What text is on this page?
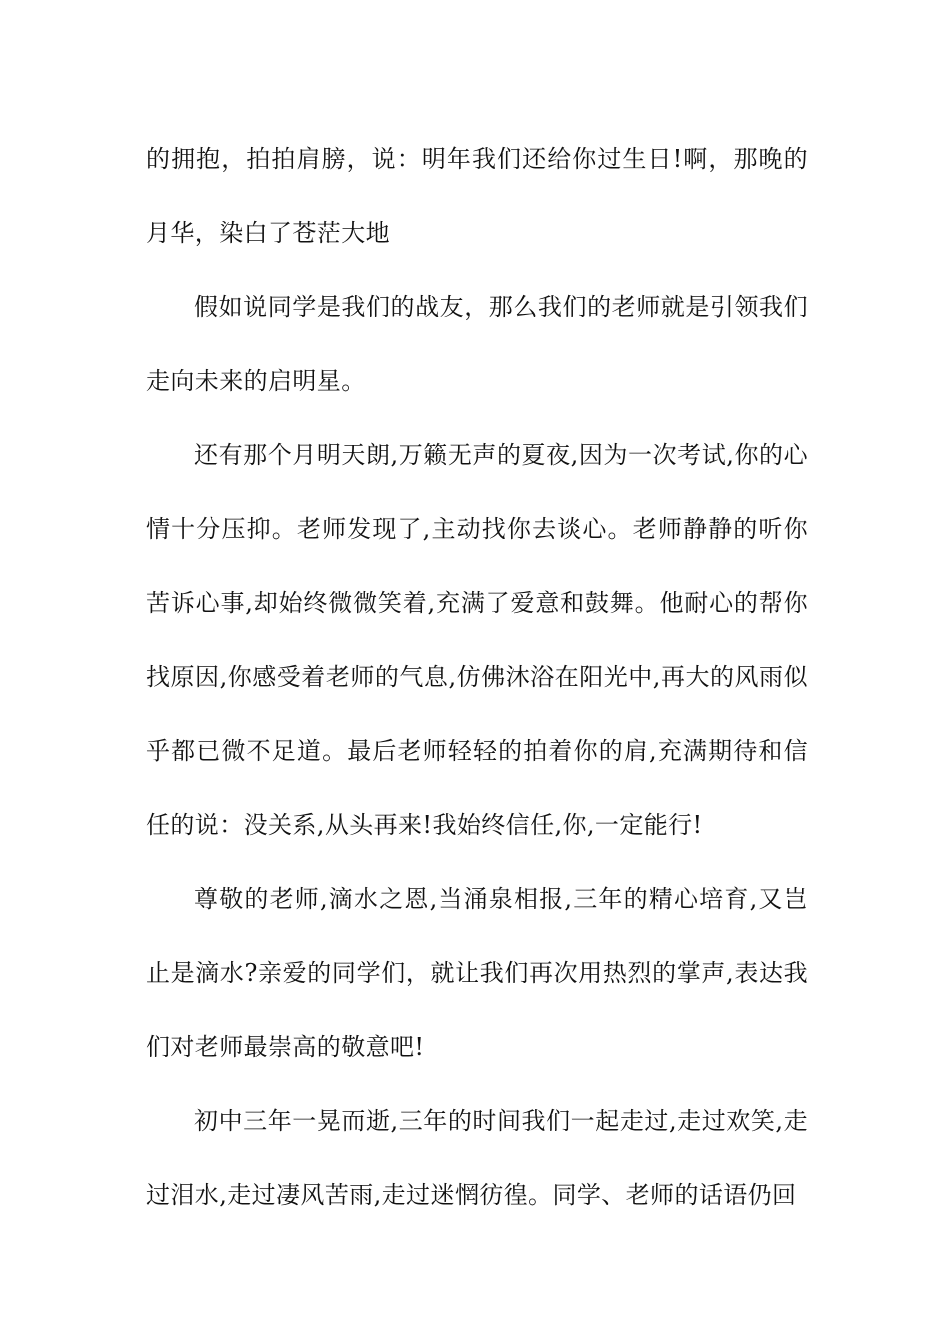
的拥抱，拍拍肩膀，说：明年我们还给你过生日!啊，那晚的月华，染白了苍茫大地

假如说同学是我们的战友，那么我们的老师就是引领我们走向未来的启明星。

还有那个月明天朗,万籁无声的夏夜,因为一次考试,你的心情十分压抑。老师发现了,主动找你去谈心。老师静静的听你苦诉心事,却始终微微笑着,充满了爱意和鼓舞。他耐心的帮你找原因,你感受着老师的气息,仿佛沐浴在阳光中,再大的风雨似乎都已微不足道。最后老师轻轻的拍着你的肩,充满期待和信任的说：没关系,从头再来!我始终信任,你,一定能行!

尊敬的老师,滴水之恩,当涌泉相报,三年的精心培育,又岂止是滴水?亲爱的同学们，就让我们再次用热烈的掌声,表达我们对老师最崇高的敬意吧!

初中三年一晃而逝,三年的时间我们一起走过,走过欢笑,走过泪水,走过凄风苦雨,走过迷惘彷徨。同学、老师的话语仍回
